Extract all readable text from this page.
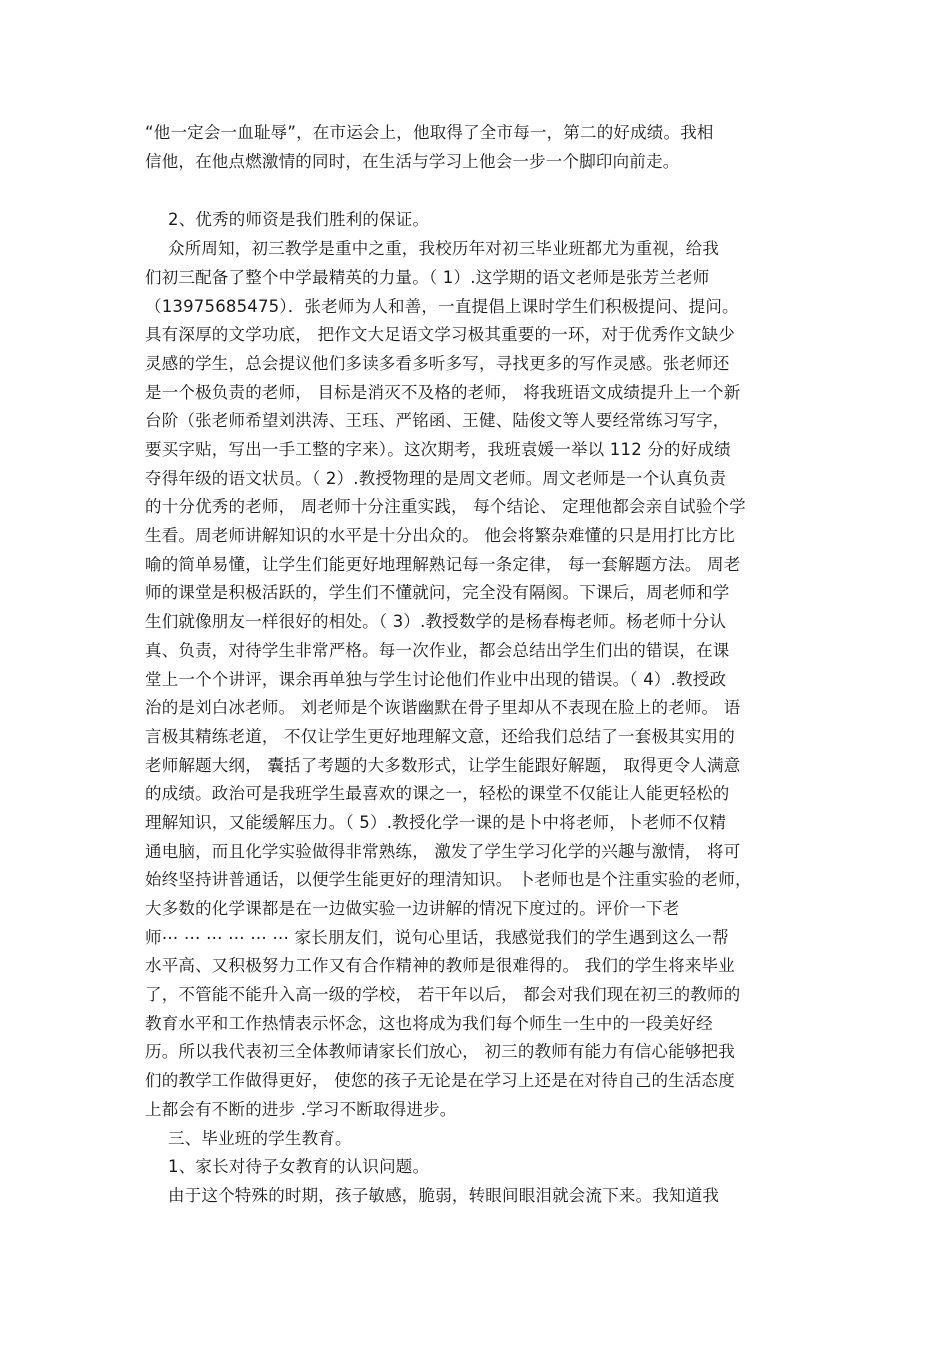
“他一定会一血耻辱”，在市运会上，他取得了全市每一，第二的好成绩。我相
信他，在他点燃激情的同时，在生活与学习上他会一步一个脚印向前走。
2、优秀的师资是我们胜利的保证。
众所周知，初三教学是重中之重，我校历年对初三毕业班都尤为重视，给我
们初三配备了整个中学最精英的力量。（ 1）.这学期的语文老师是张芳兰老师
（13975685475）．张老师为人和善，一直提倡上课时学生们积极提问、提问。
具有深厚的文学功底， 把作文大足语文学习极其重要的一环，对于优秀作文缺少
灵感的学生，总会提议他们多读多看多听多写，寻找更多的写作灵感。张老师还
是一个极负责的老师， 目标是消灭不及格的老师， 将我班语文成绩提升上一个新
台阶（张老师希望刘洪涛、王珏、严铭函、王健、陆俊文等人要经常练习写字，
要买字贴，写出一手工整的字来）。这次期考，我班袁媛一举以 112 分的好成绩
夺得年级的语文状员。（ 2）.教授物理的是周文老师。周文老师是一个认真负责
的十分优秀的老师， 周老师十分注重实践， 每个结论、 定理他都会亲自试验个学
生看。周老师讲解知识的水平是十分出众的。 他会将繁杂难懂的只是用打比方比
喻的简单易懂，让学生们能更好地理解熟记每一条定律， 每一套解题方法。 周老
师的课堂是积极活跃的，学生们不懂就问，完全没有隔阂。下课后，周老师和学
生们就像朋友一样很好的相处。（ 3）.教授数学的是杨春梅老师。杨老师十分认
真、负责，对待学生非常严格。每一次作业，都会总结出学生们出的错误，在课
堂上一个个讲评，课余再单独与学生讨论他们作业中出现的错误。（ 4）.教授政
治的是刘白冰老师。 刘老师是个诙谐幽默在骨子里却从不表现在脸上的老师。 语
言极其精练老道， 不仅让学生更好地理解文意，还给我们总结了一套极其实用的
老师解题大纲， 囊括了考题的大多数形式，让学生能跟好解题， 取得更令人满意
的成绩。政治可是我班学生最喜欢的课之一，轻松的课堂不仅能让人能更轻松的
理解知识，又能缓解压力。（ 5）.教授化学一课的是卜中将老师，卜老师不仅精
通电脑，而且化学实验做得非常熟练， 激发了学生学习化学的兴趣与激情， 将可
始终坚持讲普通话，以便学生能更好的理清知识。 卜老师也是个注重实验的老师，
大多数的化学课都是在一边做实验一边讲解的情况下度过的。评价一下老
师⋯ ⋯ ⋯ ⋯ ⋯ ⋯ 家长朋友们，说句心里话，我感觉我们的学生遇到这么一帮
水平高、又积极努力工作又有合作精神的教师是很难得的。 我们的学生将来毕业
了，不管能不能升入高一级的学校， 若干年以后， 都会对我们现在初三的教师的
教育水平和工作热情表示怀念，这也将成为我们每个师生一生中的一段美好经
历。所以我代表初三全体教师请家长们放心， 初三的教师有能力有信心能够把我
们的教学工作做得更好， 使您的孩子无论是在学习上还是在对待自己的生活态度
上都会有不断的进步 .学习不断取得进步。
三、毕业班的学生教育。
1、家长对待子女教育的认识问题。
由于这个特殊的时期，孩子敏感，脆弱，转眼间眼泪就会流下来。我知道我
